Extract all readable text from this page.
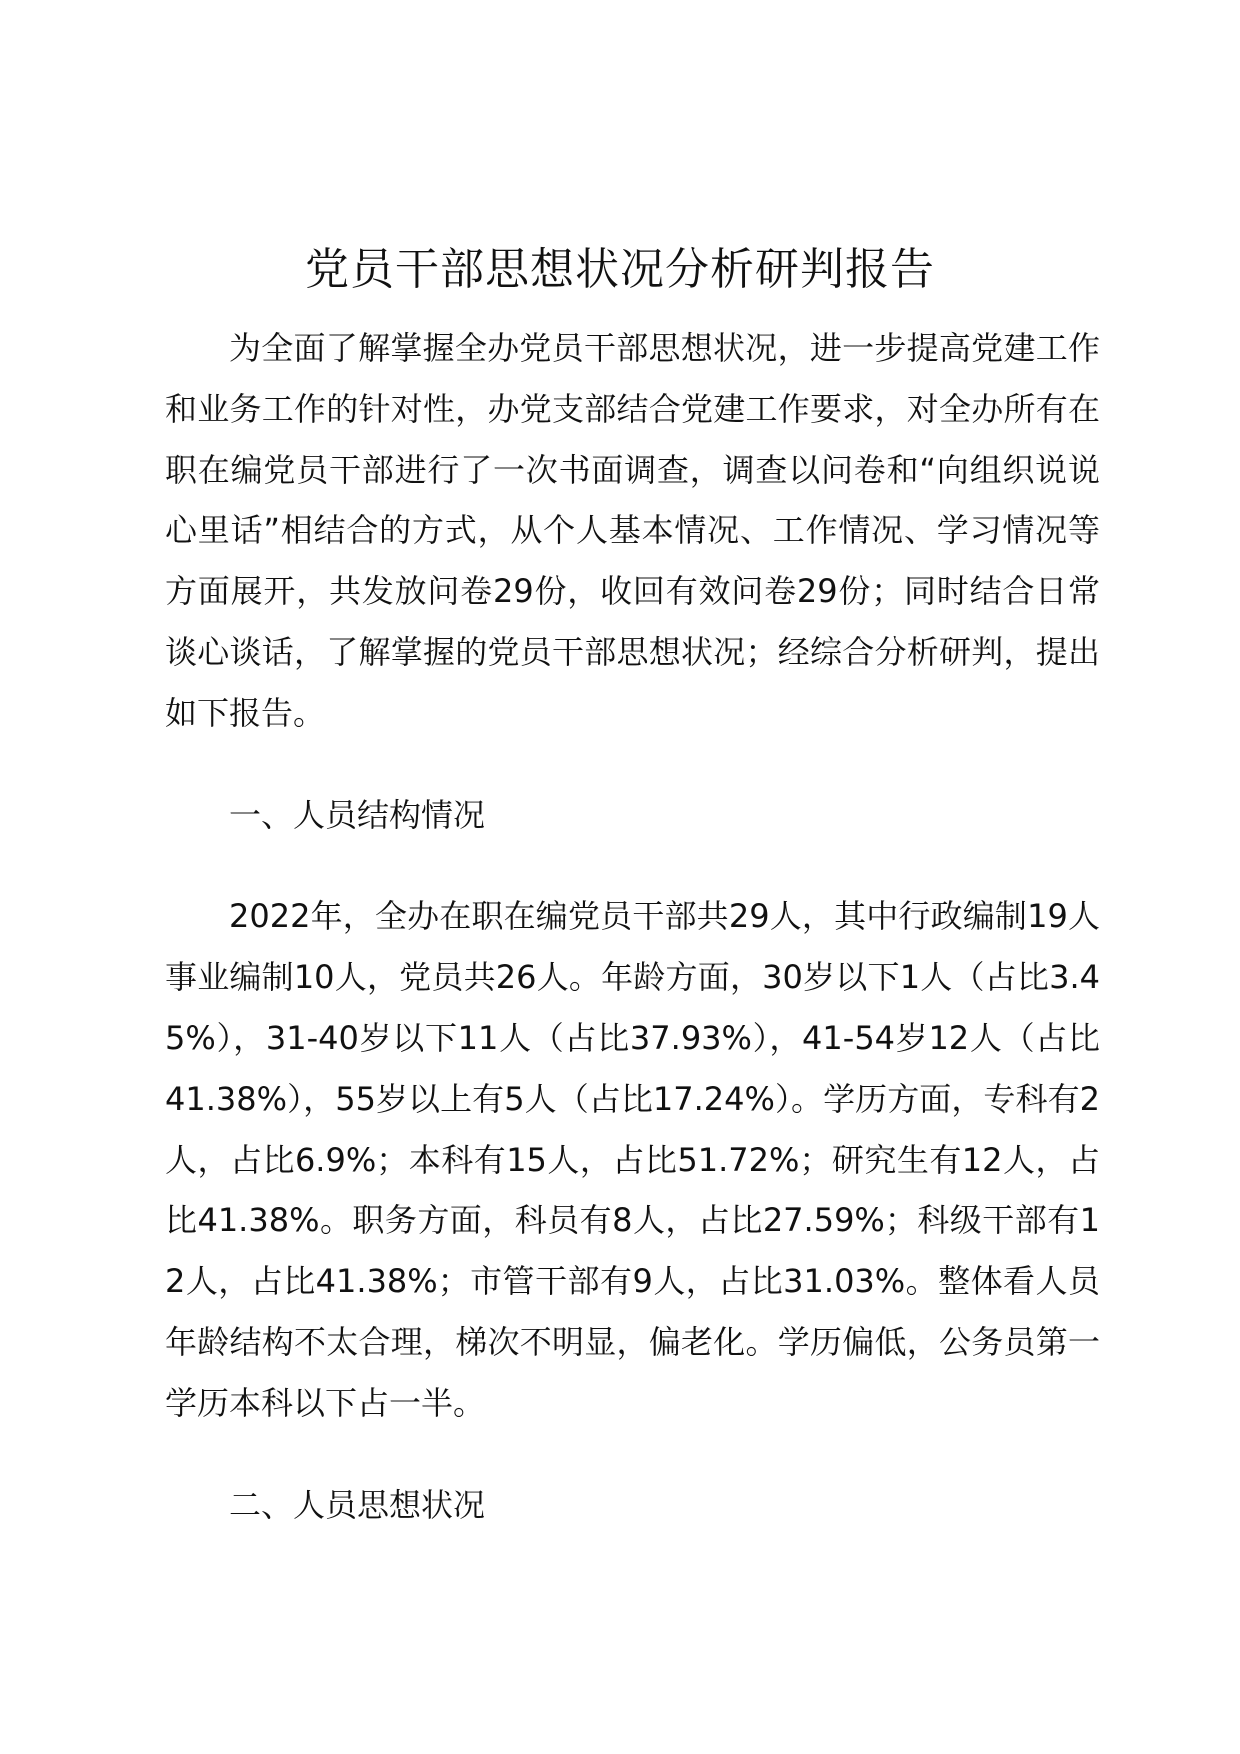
党员干部思想状况分析研判报告

为全面了解掌握全办党员干部思想状况，进一步提高党建工作和业务工作的针对性，办党支部结合党建工作要求，对全办所有在职在编党员干部进行了一次书面调查，调查以问卷和“向组织说说心里话”相结合的方式，从个人基本情况、工作情况、学习情况等方面展开，共发放问卷29份，收回有效问卷29份；同时结合日常谈心谈话，了解掌握的党员干部思想状况；经综合分析研判，提出如下报告。

一、人员结构情况

2022年，全办在职在编党员干部共29人，其中行政编制19人事业编制10人，党员共26人。年龄方面，30岁以下1人（占比3.45%），31-40岁以下11人（占比37.93%），41-54岁12人（占比41.38%），55岁以上有5人（占比17.24%）。学历方面，专科有2人，占比6.9%；本科有15人，占比51.72%；研究生有12人，占比41.38%。职务方面，科员有8人，占比27.59%；科级干部有12人，占比41.38%；市管干部有9人，占比31.03%。整体看人员年龄结构不太合理，梯次不明显，偏老化。学历偏低，公务员第一学历本科以下占一半。

二、人员思想状况
